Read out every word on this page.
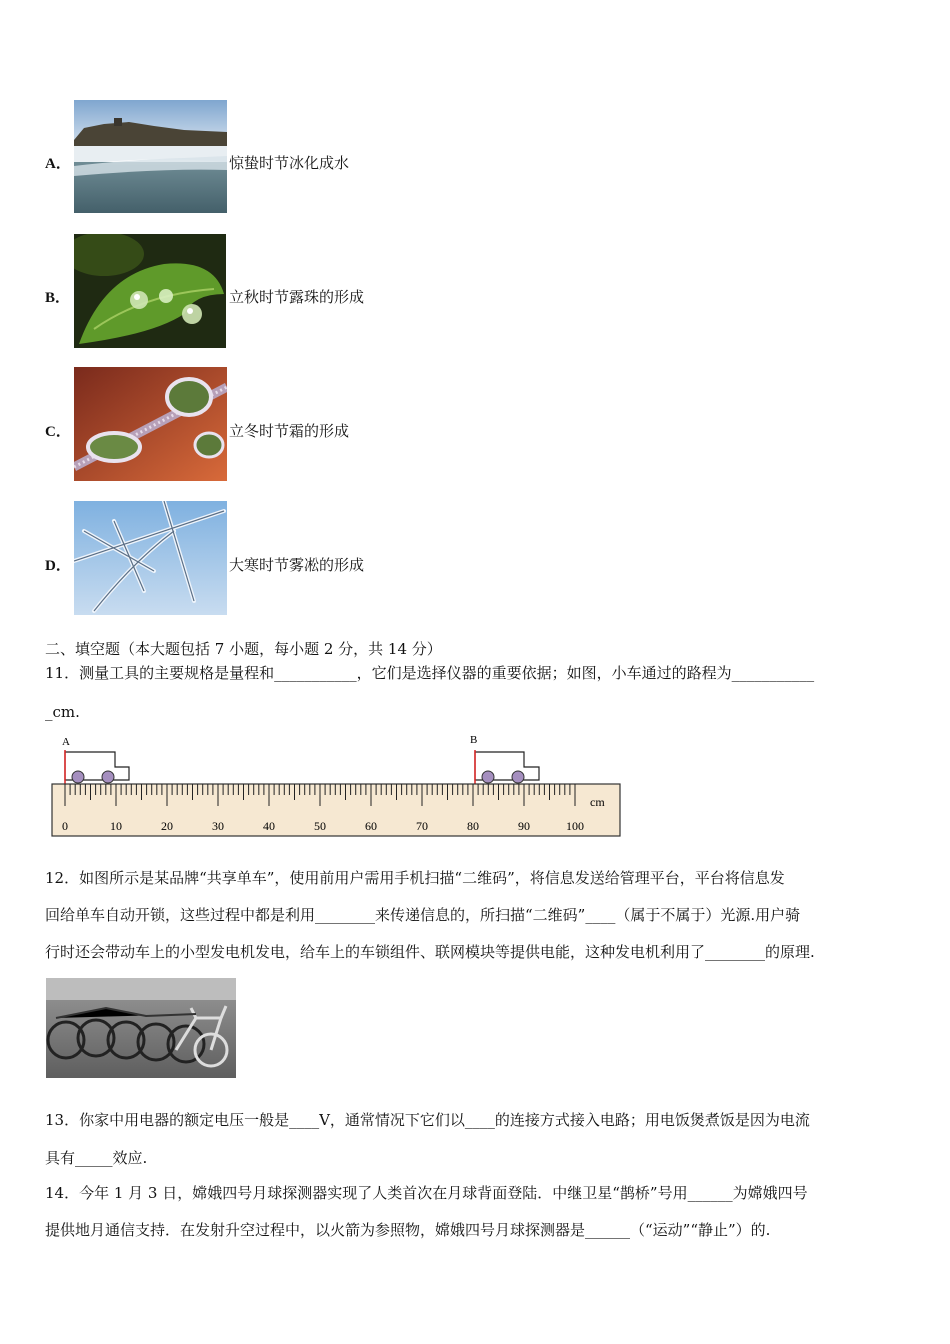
A．	惊蛰时节冰化成水
B．	立秋时节露珠的形成
C．	立冬时节霜的形成
D．	大寒时节雾凇的形成
二、填空题（本大题包括 7 小题，每小题 2 分，共 14 分）
11．测量工具的主要规格是量程和___________，它们是选择仪器的重要依据；如图，小车通过的路程为___________
_cm.
A	B
0	10	20	30	40	50	60	70	80	90	100
cm
12．如图所示是某品牌“共享单车”，使用前用户需用手机扫描“二维码”，将信息发送给管理平台，平台将信息发
回给单车自动开锁，这些过程中都是利用________来传递信息的，所扫描“二维码”____（属于不属于）光源.用户骑
行时还会带动车上的小型发电机发电，给车上的车锁组件、联网模块等提供电能，这种发电机利用了________的原理.
13．你家中用电器的额定电压一般是____V，通常情况下它们以____的连接方式接入电路；用电饭煲煮饭是因为电流
具有_____效应.
14．今年 1 月 3 日，嫦娥四号月球探测器实现了人类首次在月球背面登陆．中继卫星“鹊桥”号用______为嫦娥四号
提供地月通信支持．在发射升空过程中，以火箭为参照物，嫦娥四号月球探测器是______（“运动”“静止”）的.
